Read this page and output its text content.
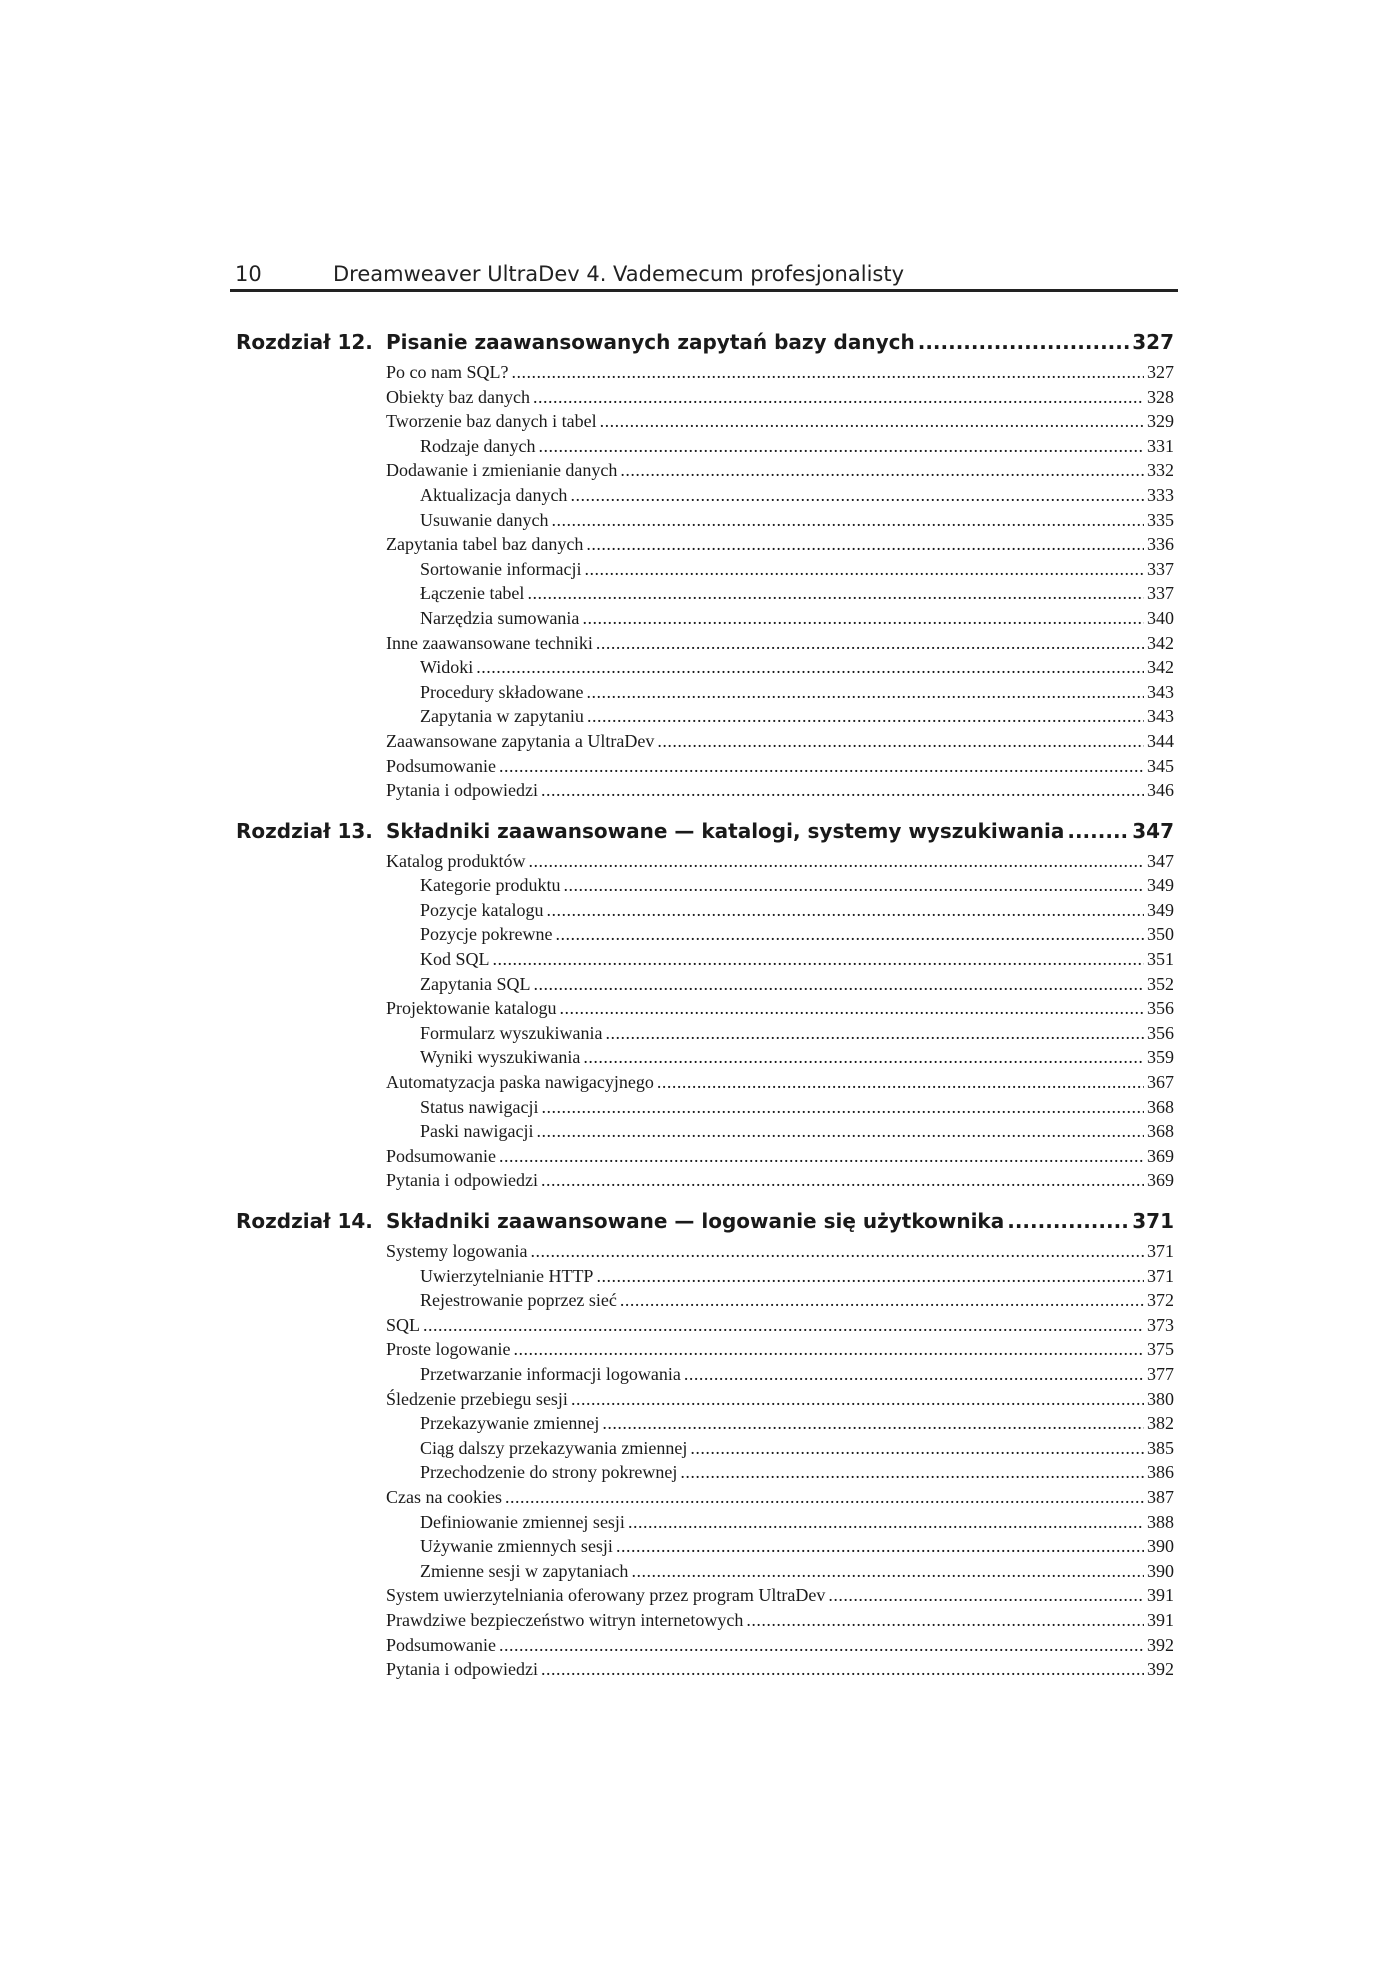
10	Dreamweaver UltraDev 4. Vademecum profesjonalisty
Rozdział 12. Pisanie zaawansowanych zapytań bazy danych .....	327
Po co nam SQL? .....	327
Obiekty baz danych .....	328
Tworzenie baz danych i tabel .....	329
Rodzaje danych .....	331
Dodawanie i zmienianie danych .....	332
Aktualizacja danych .....	333
Usuwanie danych .....	335
Zapytania tabel baz danych .....	336
Sortowanie informacji .....	337
Łączenie tabel .....	337
Narzędzia sumowania .....	340
Inne zaawansowane techniki .....	342
Widoki .....	342
Procedury składowane .....	343
Zapytania w zapytaniu .....	343
Zaawansowane zapytania a UltraDev .....	344
Podsumowanie .....	345
Pytania i odpowiedzi .....	346
Rozdział 13. Składniki zaawansowane — katalogi, systemy wyszukiwania .....	347
Katalog produktów .....	347
Kategorie produktu .....	349
Pozycje katalogu .....	349
Pozycje pokrewne .....	350
Kod SQL .....	351
Zapytania SQL .....	352
Projektowanie katalogu .....	356
Formularz wyszukiwania .....	356
Wyniki wyszukiwania .....	359
Automatyzacja paska nawigacyjnego .....	367
Status nawigacji .....	368
Paski nawigacji .....	368
Podsumowanie .....	369
Pytania i odpowiedzi .....	369
Rozdział 14. Składniki zaawansowane — logowanie się użytkownika .....	371
Systemy logowania .....	371
Uwierzytelnianie HTTP .....	371
Rejestrowanie poprzez sieć .....	372
SQL .....	373
Proste logowanie .....	375
Przetwarzanie informacji logowania .....	377
Śledzenie przebiegu sesji .....	380
Przekazywanie zmiennej .....	382
Ciąg dalszy przekazywania zmiennej .....	385
Przechodzenie do strony pokrewnej .....	386
Czas na cookies .....	387
Definiowanie zmiennej sesji .....	388
Używanie zmiennych sesji .....	390
Zmienne sesji w zapytaniach .....	390
System uwierzytelniania oferowany przez program UltraDev .....	391
Prawdziwe bezpieczeństwo witryn internetowych .....	391
Podsumowanie .....	392
Pytania i odpowiedzi .....	392
